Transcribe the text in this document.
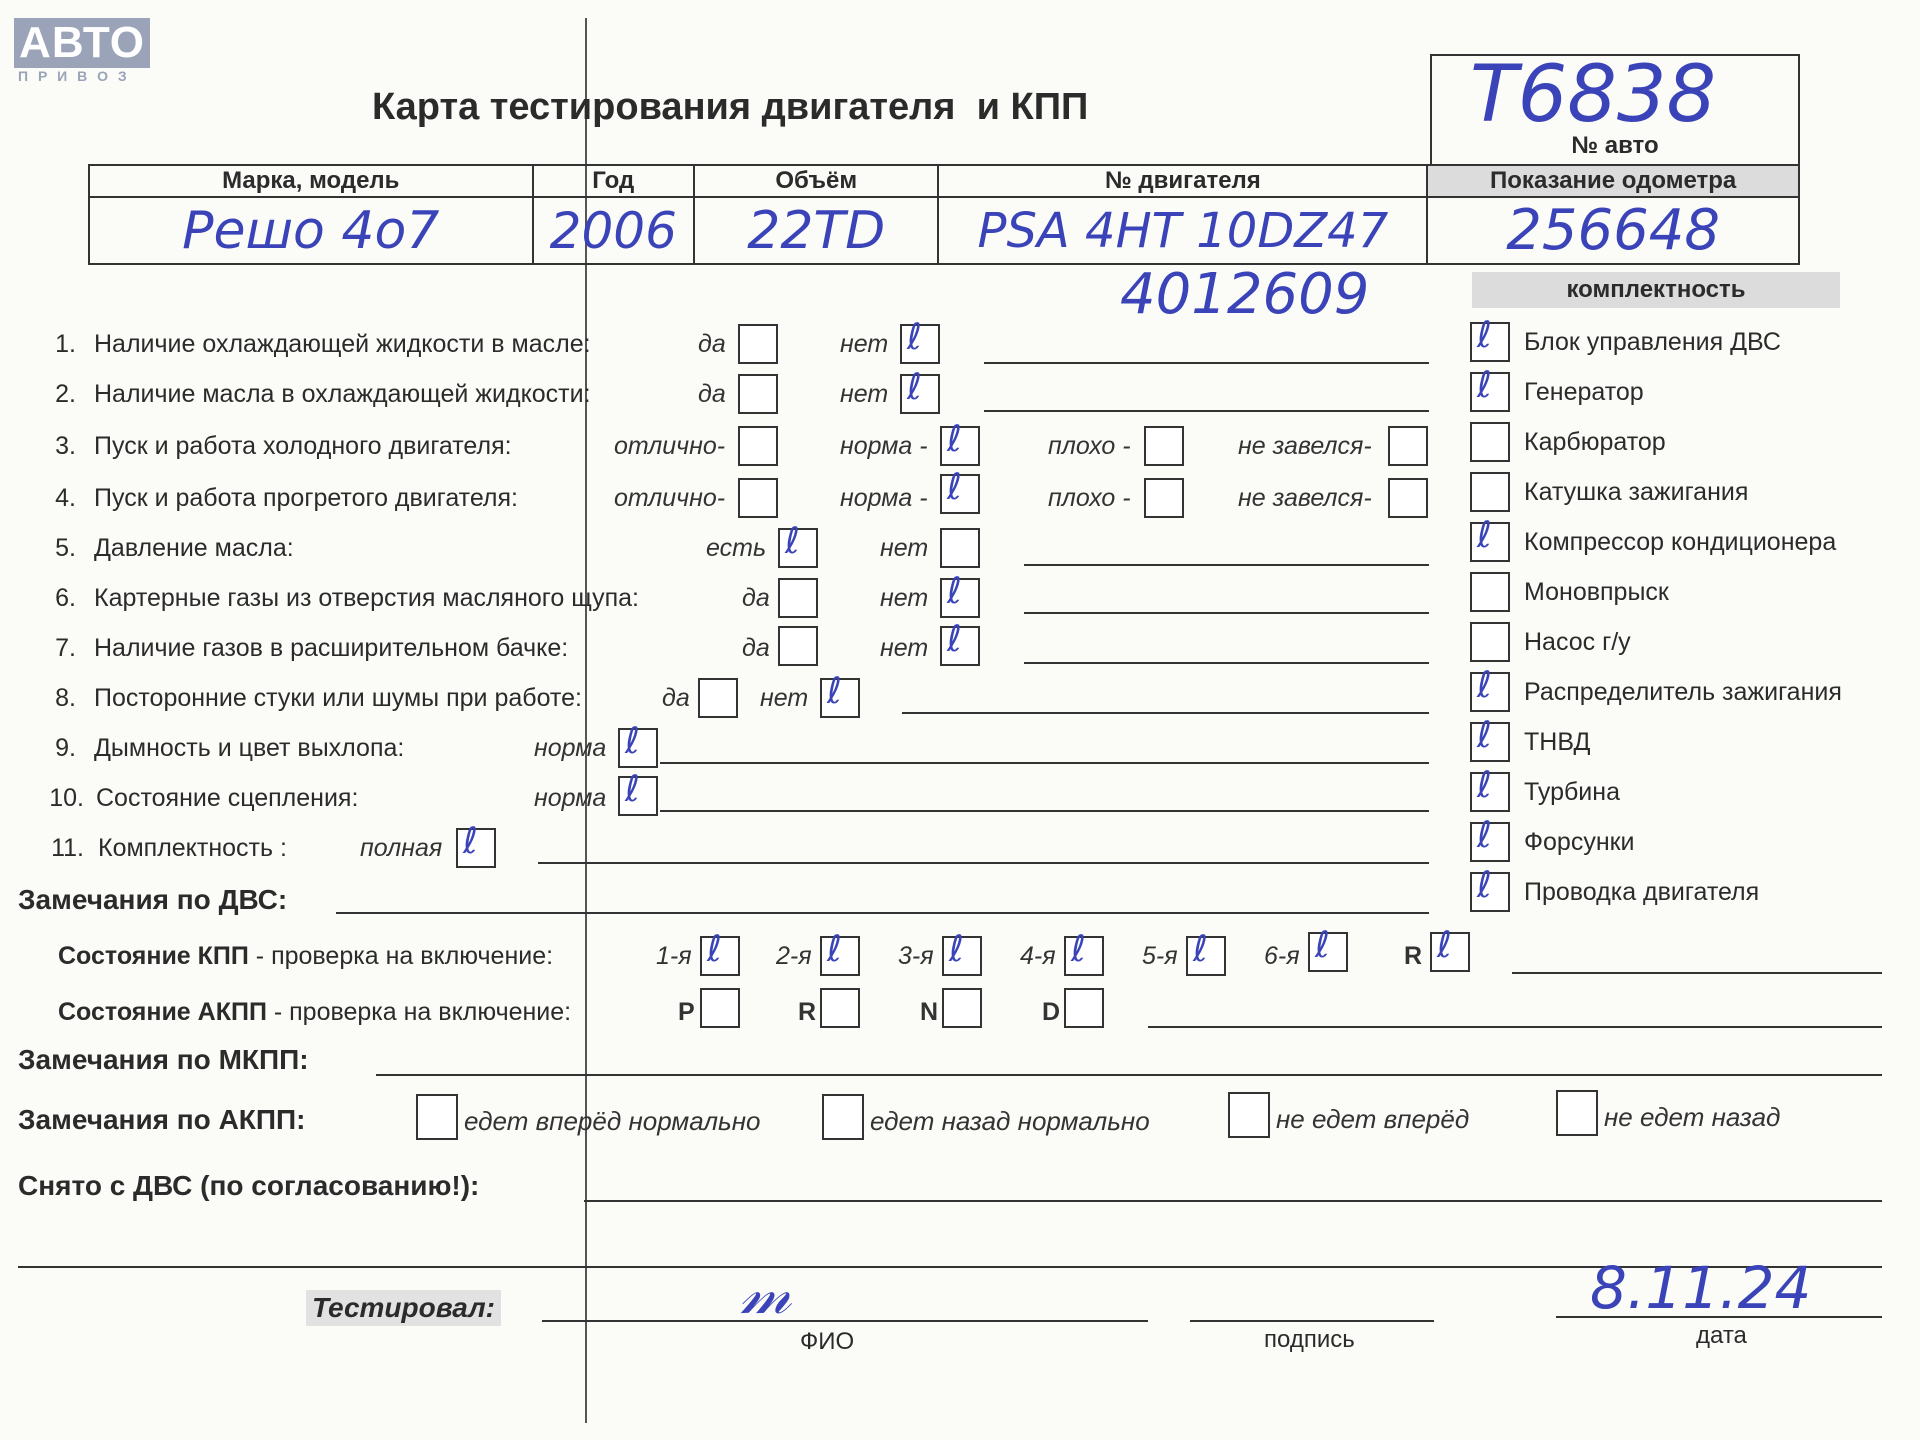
АВТО
П Р И В О З
Карта тестирования двигателя  и КПП	T6838
№ авто
Марка, модель	Год	Объём	№ двигателя	Показание одометра
Peшo 4o7	2006	22TD	PSA 4HT 10DZ47	256648
4012609	комплектность
ℓ Блок управления ДВС
ℓ Генератор
Карбюратор
Катушка зажигания
ℓ Компрессор кондиционера
Моновпрыск
Насос г/у
ℓ Распределитель зажигания
ℓ ТНВД
ℓ Турбина
ℓ Форсунки
ℓ Проводка двигателя
1. Наличие охлаждающей жидкости в масле:	да	нет ℓ
2. Наличие масла в охлаждающей жидкости:	да	нет ℓ
3. Пуск и работа холодного двигателя:	отлично-	норма - ℓ	плохо -	не завелся-
4. Пуск и работа прогретого двигателя:	отлично-	норма - ℓ	плохо -	не завелся-
5. Давление масла:	есть ℓ	нет
6. Картерные газы из отверстия масляного щупа:	да	нет ℓ
7. Наличие газов в расширительном бачке:	да	нет ℓ
8. Посторонние стуки или шумы при работе:	да	нет ℓ
9. Дымность и цвет выхлопа:	норма ℓ
10. Состояние сцепления:	норма ℓ
11. Комплектность :	полная ℓ
Замечания по ДВС:
Состояние КПП - проверка на включение:	1-я ℓ 2-я ℓ 3-я ℓ 4-я ℓ 5-я ℓ 6-я ℓ	R ℓ
Состояние АКПП - проверка на включение:	P	R	N	D
Замечания по МКПП:
Замечания по АКПП:	едет вперёд нормально	едет назад нормально	не едет вперёд	не едет назад
Снято с ДВС (по согласованию!):
Тестировал:	𝓂
ФИО	подпись
8.11.24
дата
